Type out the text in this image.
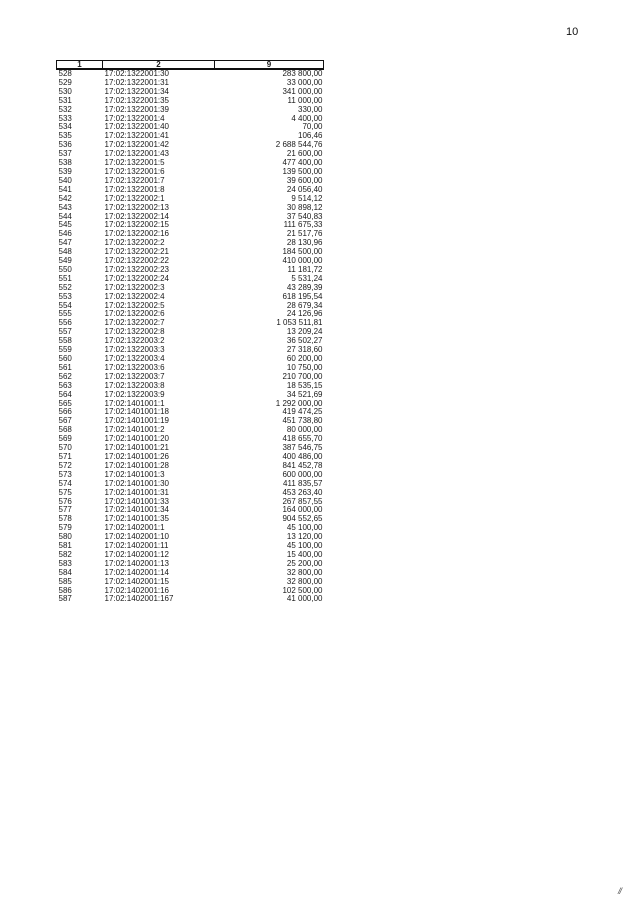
10
1	2	9
528	17:02:1322001:30	283 800,00
529	17:02:1322001:31	33 000,00
530	17:02:1322001:34	341 000,00
531	17:02:1322001:35	11 000,00
532	17:02:1322001:39	330,00
533	17:02:1322001:4	4 400,00
534	17:02:1322001:40	70,00
535	17:02:1322001:41	106,46
536	17:02:1322001:42	2 688 544,76
537	17:02:1322001:43	21 600,00
538	17:02:1322001:5	477 400,00
539	17:02:1322001:6	139 500,00
540	17:02:1322001:7	39 600,00
541	17:02:1322001:8	24 056,40
542	17:02:1322002:1	9 514,12
543	17:02:1322002:13	30 898,12
544	17:02:1322002:14	37 540,83
545	17:02:1322002:15	111 675,33
546	17:02:1322002:16	21 517,76
547	17:02:1322002:2	28 130,96
548	17:02:1322002:21	184 500,00
549	17:02:1322002:22	410 000,00
550	17:02:1322002:23	11 181,72
551	17:02:1322002:24	5 531,24
552	17:02:1322002:3	43 289,39
553	17:02:1322002:4	618 195,54
554	17:02:1322002:5	28 679,34
555	17:02:1322002:6	24 126,96
556	17:02:1322002:7	1 053 511,81
557	17:02:1322002:8	13 209,24
558	17:02:1322003:2	36 502,27
559	17:02:1322003:3	27 318,60
560	17:02:1322003:4	60 200,00
561	17:02:1322003:6	10 750,00
562	17:02:1322003:7	210 700,00
563	17:02:1322003:8	18 535,15
564	17:02:1322003:9	34 521,69
565	17:02:1401001:1	1 292 000,00
566	17:02:1401001:18	419 474,25
567	17:02:1401001:19	451 738,80
568	17:02:1401001:2	80 000,00
569	17:02:1401001:20	418 655,70
570	17:02:1401001:21	387 546,75
571	17:02:1401001:26	400 486,00
572	17:02:1401001:28	841 452,78
573	17:02:1401001:3	600 000,00
574	17:02:1401001:30	411 835,57
575	17:02:1401001:31	453 263,40
576	17:02:1401001:33	267 857,55
577	17:02:1401001:34	164 000,00
578	17:02:1401001:35	904 552,65
579	17:02:1402001:1	45 100,00
580	17:02:1402001:10	13 120,00
581	17:02:1402001:11	45 100,00
582	17:02:1402001:12	15 400,00
583	17:02:1402001:13	25 200,00
584	17:02:1402001:14	32 800,00
585	17:02:1402001:15	32 800,00
586	17:02:1402001:16	102 500,00
587	17:02:1402001:167	41 000,00
//
